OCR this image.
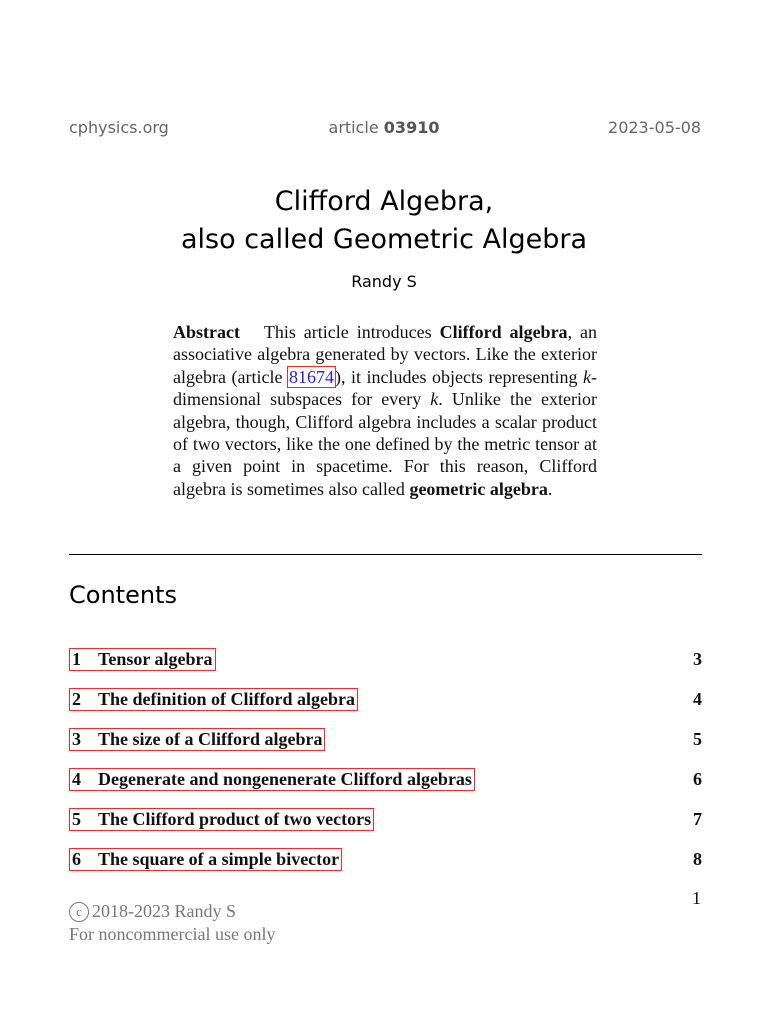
cphysics.org	article 03910	2023-05-08
Clifford Algebra,
also called Geometric Algebra
Randy S
Abstract This article introduces Clifford algebra, an associative algebra generated by vectors. Like the exterior algebra (article 81674), it includes objects representing k-dimensional subspaces for every k. Unlike the exterior algebra, though, Clifford algebra includes a scalar product of two vectors, like the one defined by the metric tensor at a given point in spacetime. For this reason, Clifford algebra is sometimes also called geometric algebra.
Contents
1 Tensor algebra	3
2 The definition of Clifford algebra	4
3 The size of a Clifford algebra	5
4 Degenerate and nongenenerate Clifford algebras	6
5 The Clifford product of two vectors	7
6 The square of a simple bivector	8
1
c 2018-2023 Randy S
For noncommercial use only
